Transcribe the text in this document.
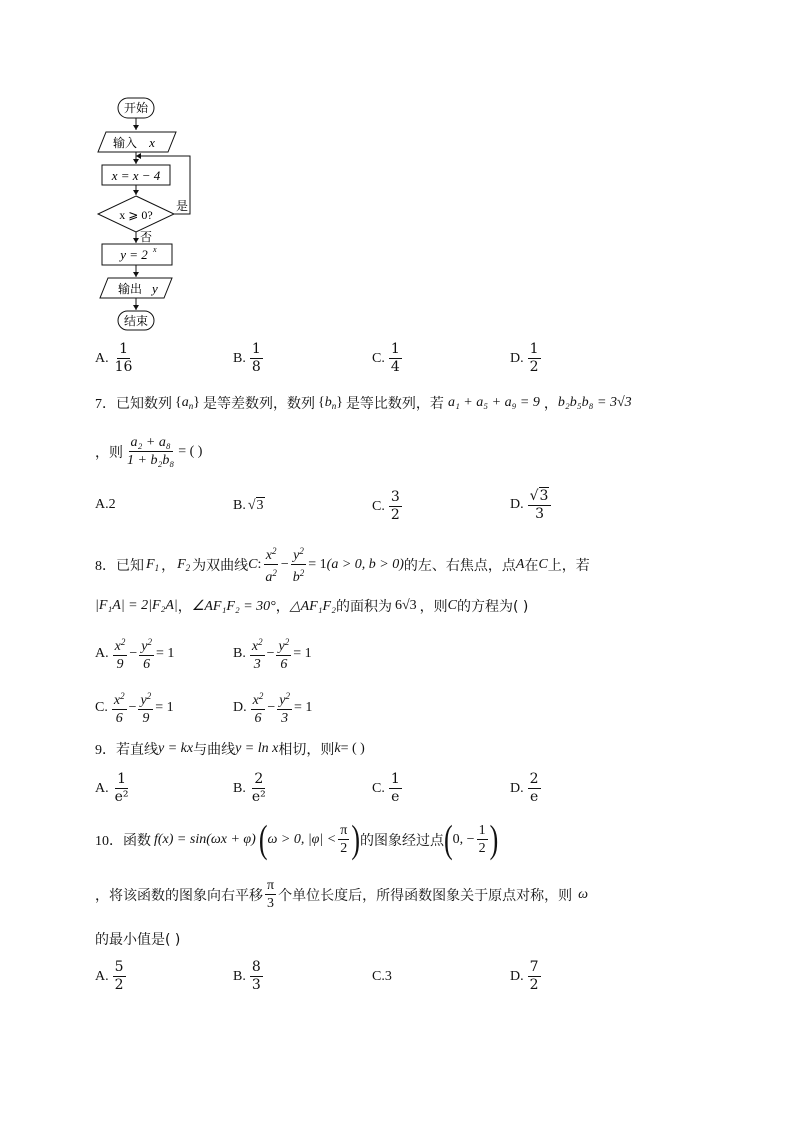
开始
输入 x
x = x − 4
x ⩾ 0?
是
否
y = 2 x
输出 y
结束
A. $\frac{1}{16}$	B. $\frac{1}{8}$	C. $\frac{1}{4}$	D. $\frac{1}{2}$
7． 已知数列 $\{a_n\}$ 是等差数列，数列 $\{b_n\}$ 是等比数列，若 a₁ + a₅ + a₉ = 9 ， b₂b₅b₈ = 3√3
，则 $\frac{\text{a₂ + a₈}}{\text{1 + b₂b₈}}$ = ( )
A.2	B. √ 3	C. $\frac{3}{2}$	D. $\frac{√3}{3}$
8． 已知 $F_1$ ， $F_2$ 为双曲线 C : $\frac{x^2}{a^2} - \frac{y^2}{b^2} = 1$ (a > 0, b > 0) 的左、右焦点，点 A 在 C 上，若
|F₁A| = 2|F₂A| ， ∠AF₁F₂ = 30° ， △AF₁F₂ 的面积为 6√3 ，则 C 的方程为( )
A. $\frac{x^2}{9} - \frac{y^2}{6} = 1$	B. $\frac{x^2}{3} - \frac{y^2}{6} = 1$
C. $\frac{x^2}{6} - \frac{y^2}{9} = 1$	D. $\frac{x^2}{6} - \frac{y^2}{3} = 1$
9． 若直线 y = kx 与曲线 y = ln x 相切，则 k = ( )
A. $\frac{1}{\text{e²}}$	B. $\frac{2}{\text{e²}}$	C. $\frac{1}{e}$	D. $\frac{2}{e}$
10． 函数 f(x) = sin(ωx + φ) ( ω > 0, $|\varphi| < \frac{\pi}{2}$ ) 的图象经过点 ( 0, − $\frac{1}{2}$ )
，将该函数的图象向右平移 $\frac{\pi}{3}$ 个单位长度后，所得函数图象关于原点对称，则 ω
的最小值是( )
A. $\frac{5}{2}$	B. $\frac{8}{3}$	C.3	D. $\frac{7}{2}$
